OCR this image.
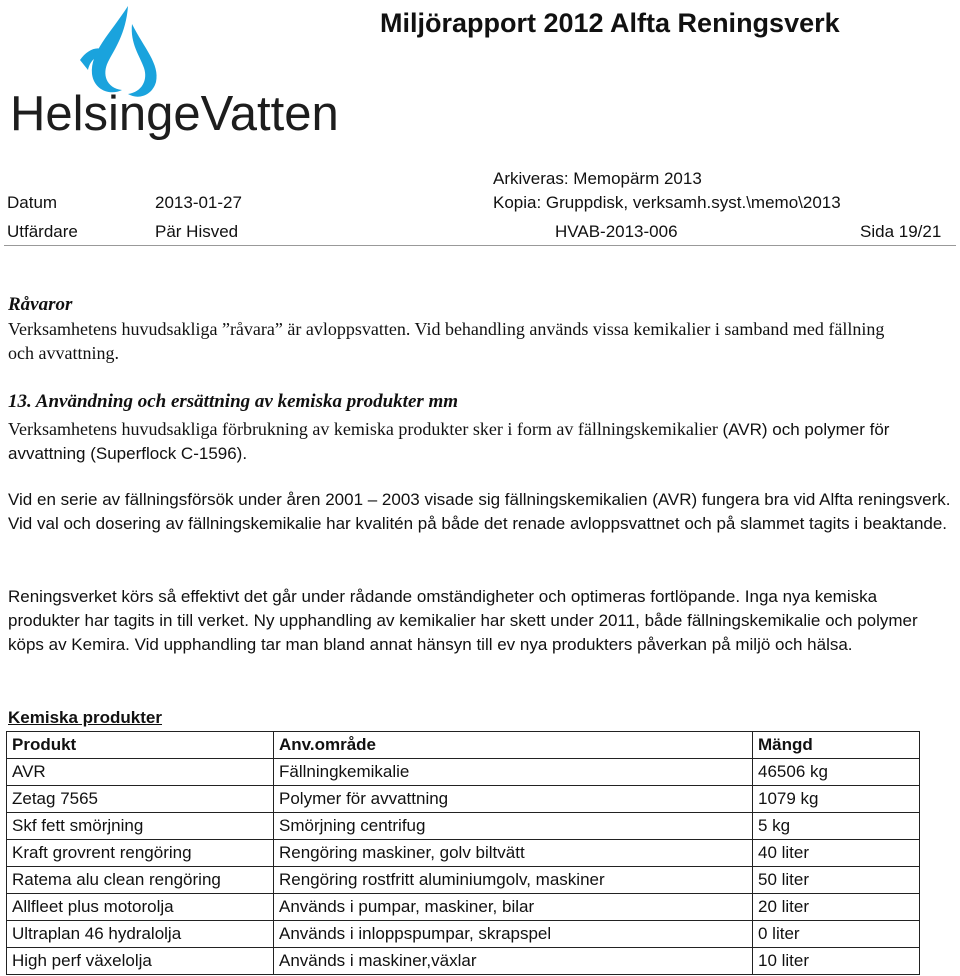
HelsingeVatten
Miljörapport 2012 Alfta Reningsverk
Arkiveras: Memopärm 2013
Datum	2013-01-27	Kopia: Gruppdisk, verksamh.syst.\memo\2013
Utfärdare	Pär Hisved	HVAB-2013-006	Sida 19/21
Råvaror
Verksamhetens huvudsakliga ”råvara” är avloppsvatten. Vid behandling används vissa kemikalier i samband med fällning och avvattning.
13. Användning och ersättning av kemiska produkter mm
Verksamhetens huvudsakliga förbrukning av kemiska produkter sker i form av fällningskemikalier (AVR) och polymer för avvattning (Superflock C-1596).
Vid en serie av fällningsförsök under åren 2001 – 2003 visade sig fällningskemikalien (AVR) fungera bra vid Alfta reningsverk. Vid val och dosering av fällningskemikalie har kvalitén på både det renade avloppsvattnet och på slammet tagits i beaktande.
Reningsverket körs så effektivt det går under rådande omständigheter och optimeras fortlöpande. Inga nya kemiska produkter har tagits in till verket. Ny upphandling av kemikalier har skett under 2011, både fällningskemikalie och polymer köps av Kemira. Vid upphandling tar man bland annat hänsyn till ev nya produkters påverkan på miljö och hälsa.
Kemiska produkter
Produkt	Anv.område	Mängd
AVR	Fällningkemikalie	46506 kg
Zetag 7565	Polymer för avvattning	1079 kg
Skf fett smörjning	Smörjning centrifug	5 kg
Kraft grovrent rengöring	Rengöring maskiner, golv biltvätt	40 liter
Ratema alu clean rengöring	Rengöring rostfritt aluminiumgolv, maskiner	50 liter
Allfleet plus motorolja	Används i pumpar, maskiner, bilar	20 liter
Ultraplan 46 hydralolja	Används i inloppspumpar, skrapspel	0 liter
High perf växelolja	Används i maskiner,växlar	10 liter
